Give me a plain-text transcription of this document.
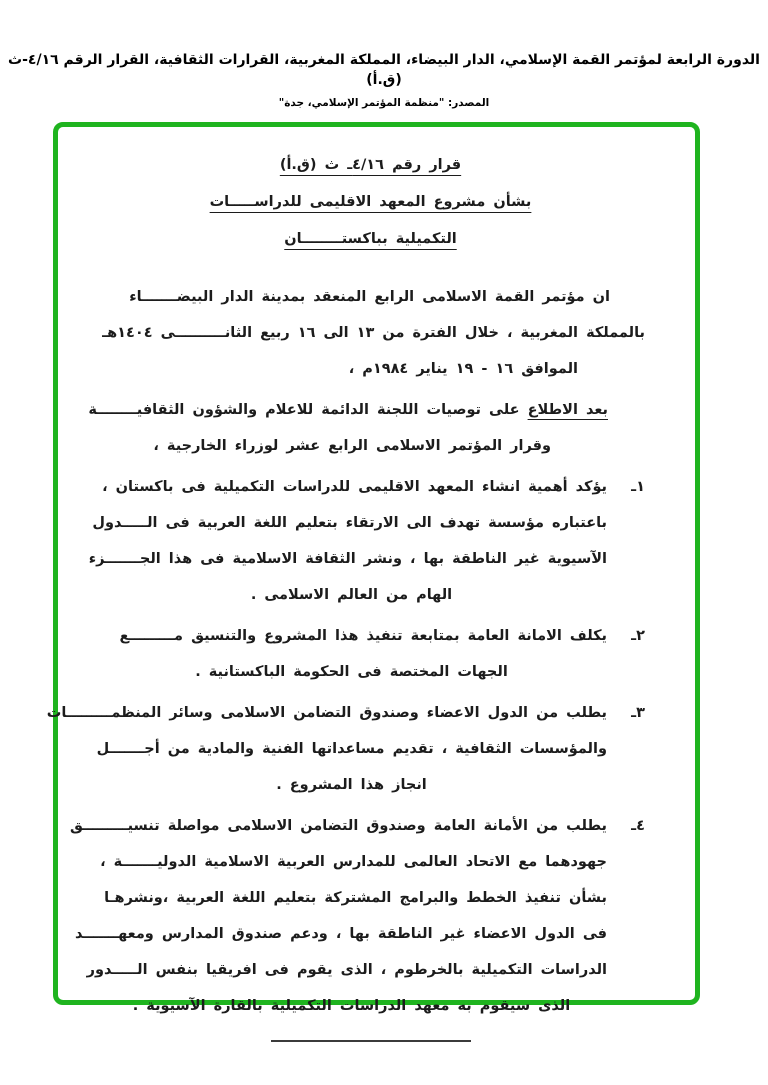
الدورة الرابعة لمؤتمر القمة الإسلامي، الدار البيضاء، المملكة المغربية، القرارات الثقافية، القرار الرقم ٤/١٦-ث (ق.أ)
المصدر: "منظمة المؤتمر الإسلامي، جدة"
قرار رقم ٤/١٦ـ ث (ق.أ)
بشأن مشروع المعهد الاقليمى للدراســـــات
التكميلية بباكستــــــــان
ان مؤتمر القمة الاسلامى الرابع المنعقد بمدينة الدار البيضـــــــاء
بالمملكة المغربية ، خلال الفترة من ١٣ الى ١٦ ربيع الثانــــــــــى ١٤٠٤هـ
الموافق ١٦ - ١٩ يناير ١٩٨٤م ،
بعد الاطلاع على توصيات اللجنة الدائمة للاعلام والشؤون الثقافيــــــــة
وقرار المؤتمر الاسلامى الرابع عشر لوزراء الخارجية ،
١ـ
يؤكد أهمية انشاء المعهد الاقليمى للدراسات التكميلية فى باكستان ،
باعتباره مؤسسة تهدف الى الارتقاء بتعليم اللغة العربية فى الـــــدول
الآسيوية غير الناطقة بها ، ونشر الثقافة الاسلامية فى هذا الجـــــــزء
الهام من العالم الاسلامى .
٢ـ
يكلف الامانة العامة بمتابعة تنفيذ هذا المشروع والتنسيق مـــــــــع
الجهات المختصة فى الحكومة الباكستانية .
٣ـ
يطلب من الدول الاعضاء وصندوق التضامن الاسلامى وسائر المنظمـــــــــات
والمؤسسات الثقافية ، تقديم مساعداتها الفنية والمادية من أجـــــــل
انجاز هذا المشروع .
٤ـ
يطلب من الأمانة العامة وصندوق التضامن الاسلامى مواصلة تنسيـــــــــق
جهودهما مع الاتحاد العالمى للمدارس العربية الاسلامية الدوليـــــــة ،
بشأن تنفيذ الخطط والبرامج المشتركة بتعليم اللغة العربية ،ونشرهـا
فى الدول الاعضاء غير الناطقة بها ، ودعم صندوق المدارس ومعهـــــــد
الدراسات التكميلية بالخرطوم ، الذى يقوم فى افريقيا بنفس الـــــدور
الذى سيقوم به معهد الدراسات التكميلية بالقارة الآسيوية .
